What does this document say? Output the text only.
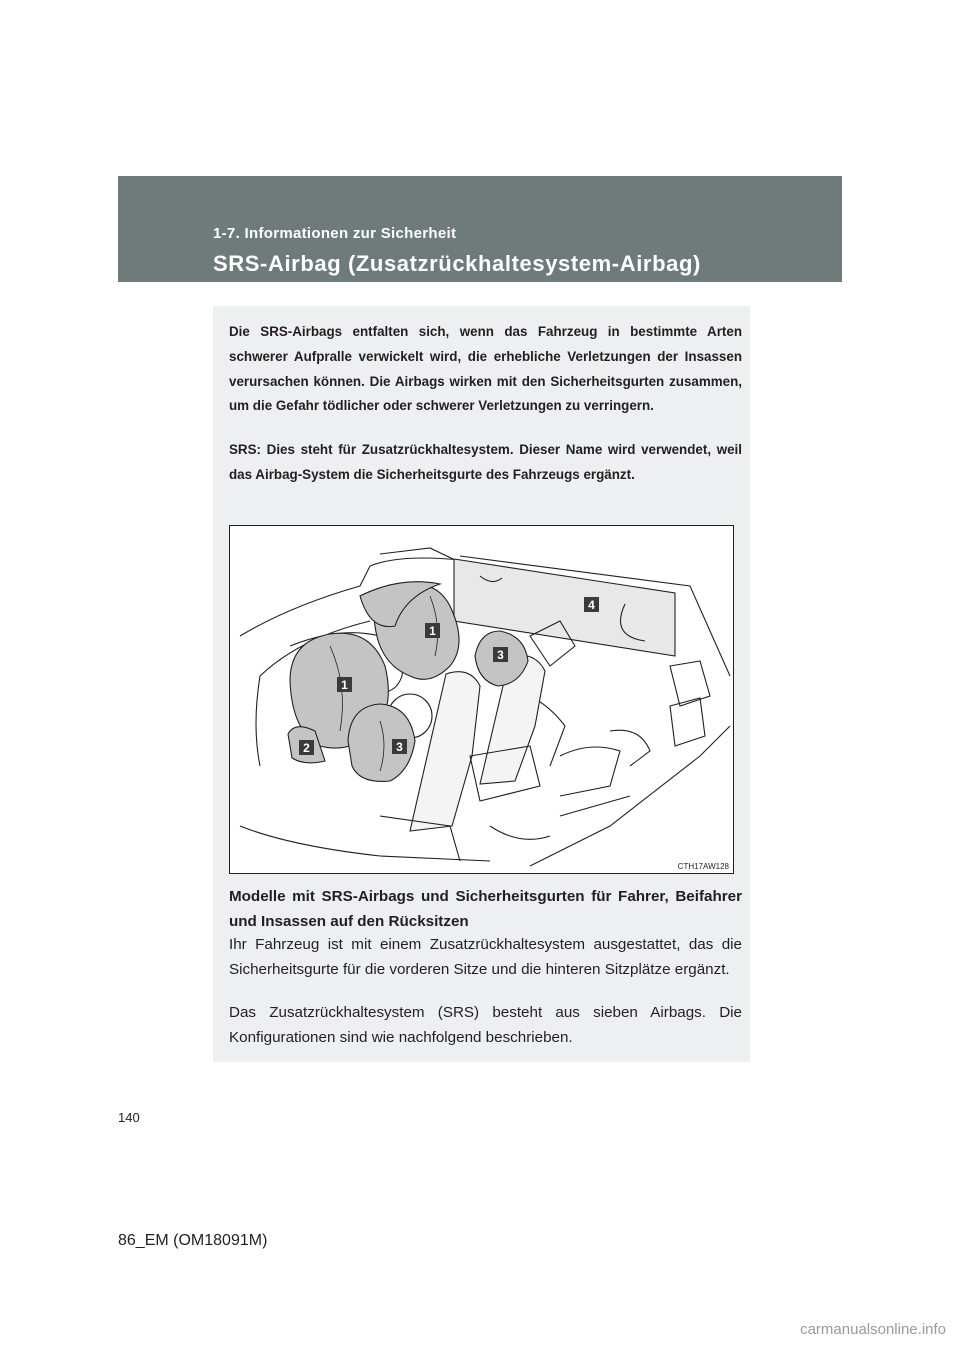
1-7. Informationen zur Sicherheit
SRS-Airbag (Zusatzrückhaltesystem-Airbag)

Die SRS-Airbags entfalten sich, wenn das Fahrzeug in bestimmte Arten schwerer Aufpralle verwickelt wird, die erhebliche Verletzungen der Insassen verursachen können. Die Airbags wirken mit den Sicherheitsgurten zusammen, um die Gefahr tödlicher oder schwerer Verletzungen zu verringern.

SRS: Dies steht für Zusatzrückhaltesystem. Dieser Name wird verwendet, weil das Airbag-System die Sicherheitsgurte des Fahrzeugs ergänzt.

1
1
2	3
3
4
CTH17AW128

Modelle mit SRS-Airbags und Sicherheitsgurten für Fahrer, Beifahrer und Insassen auf den Rücksitzen

Ihr Fahrzeug ist mit einem Zusatzrückhaltesystem ausgestattet, das die Sicherheitsgurte für die vorderen Sitze und die hinteren Sitzplätze ergänzt.

Das Zusatzrückhaltesystem (SRS) besteht aus sieben Airbags. Die Konfigurationen sind wie nachfolgend beschrieben.

140
86_EM (OM18091M)
carmanualsonline.info
